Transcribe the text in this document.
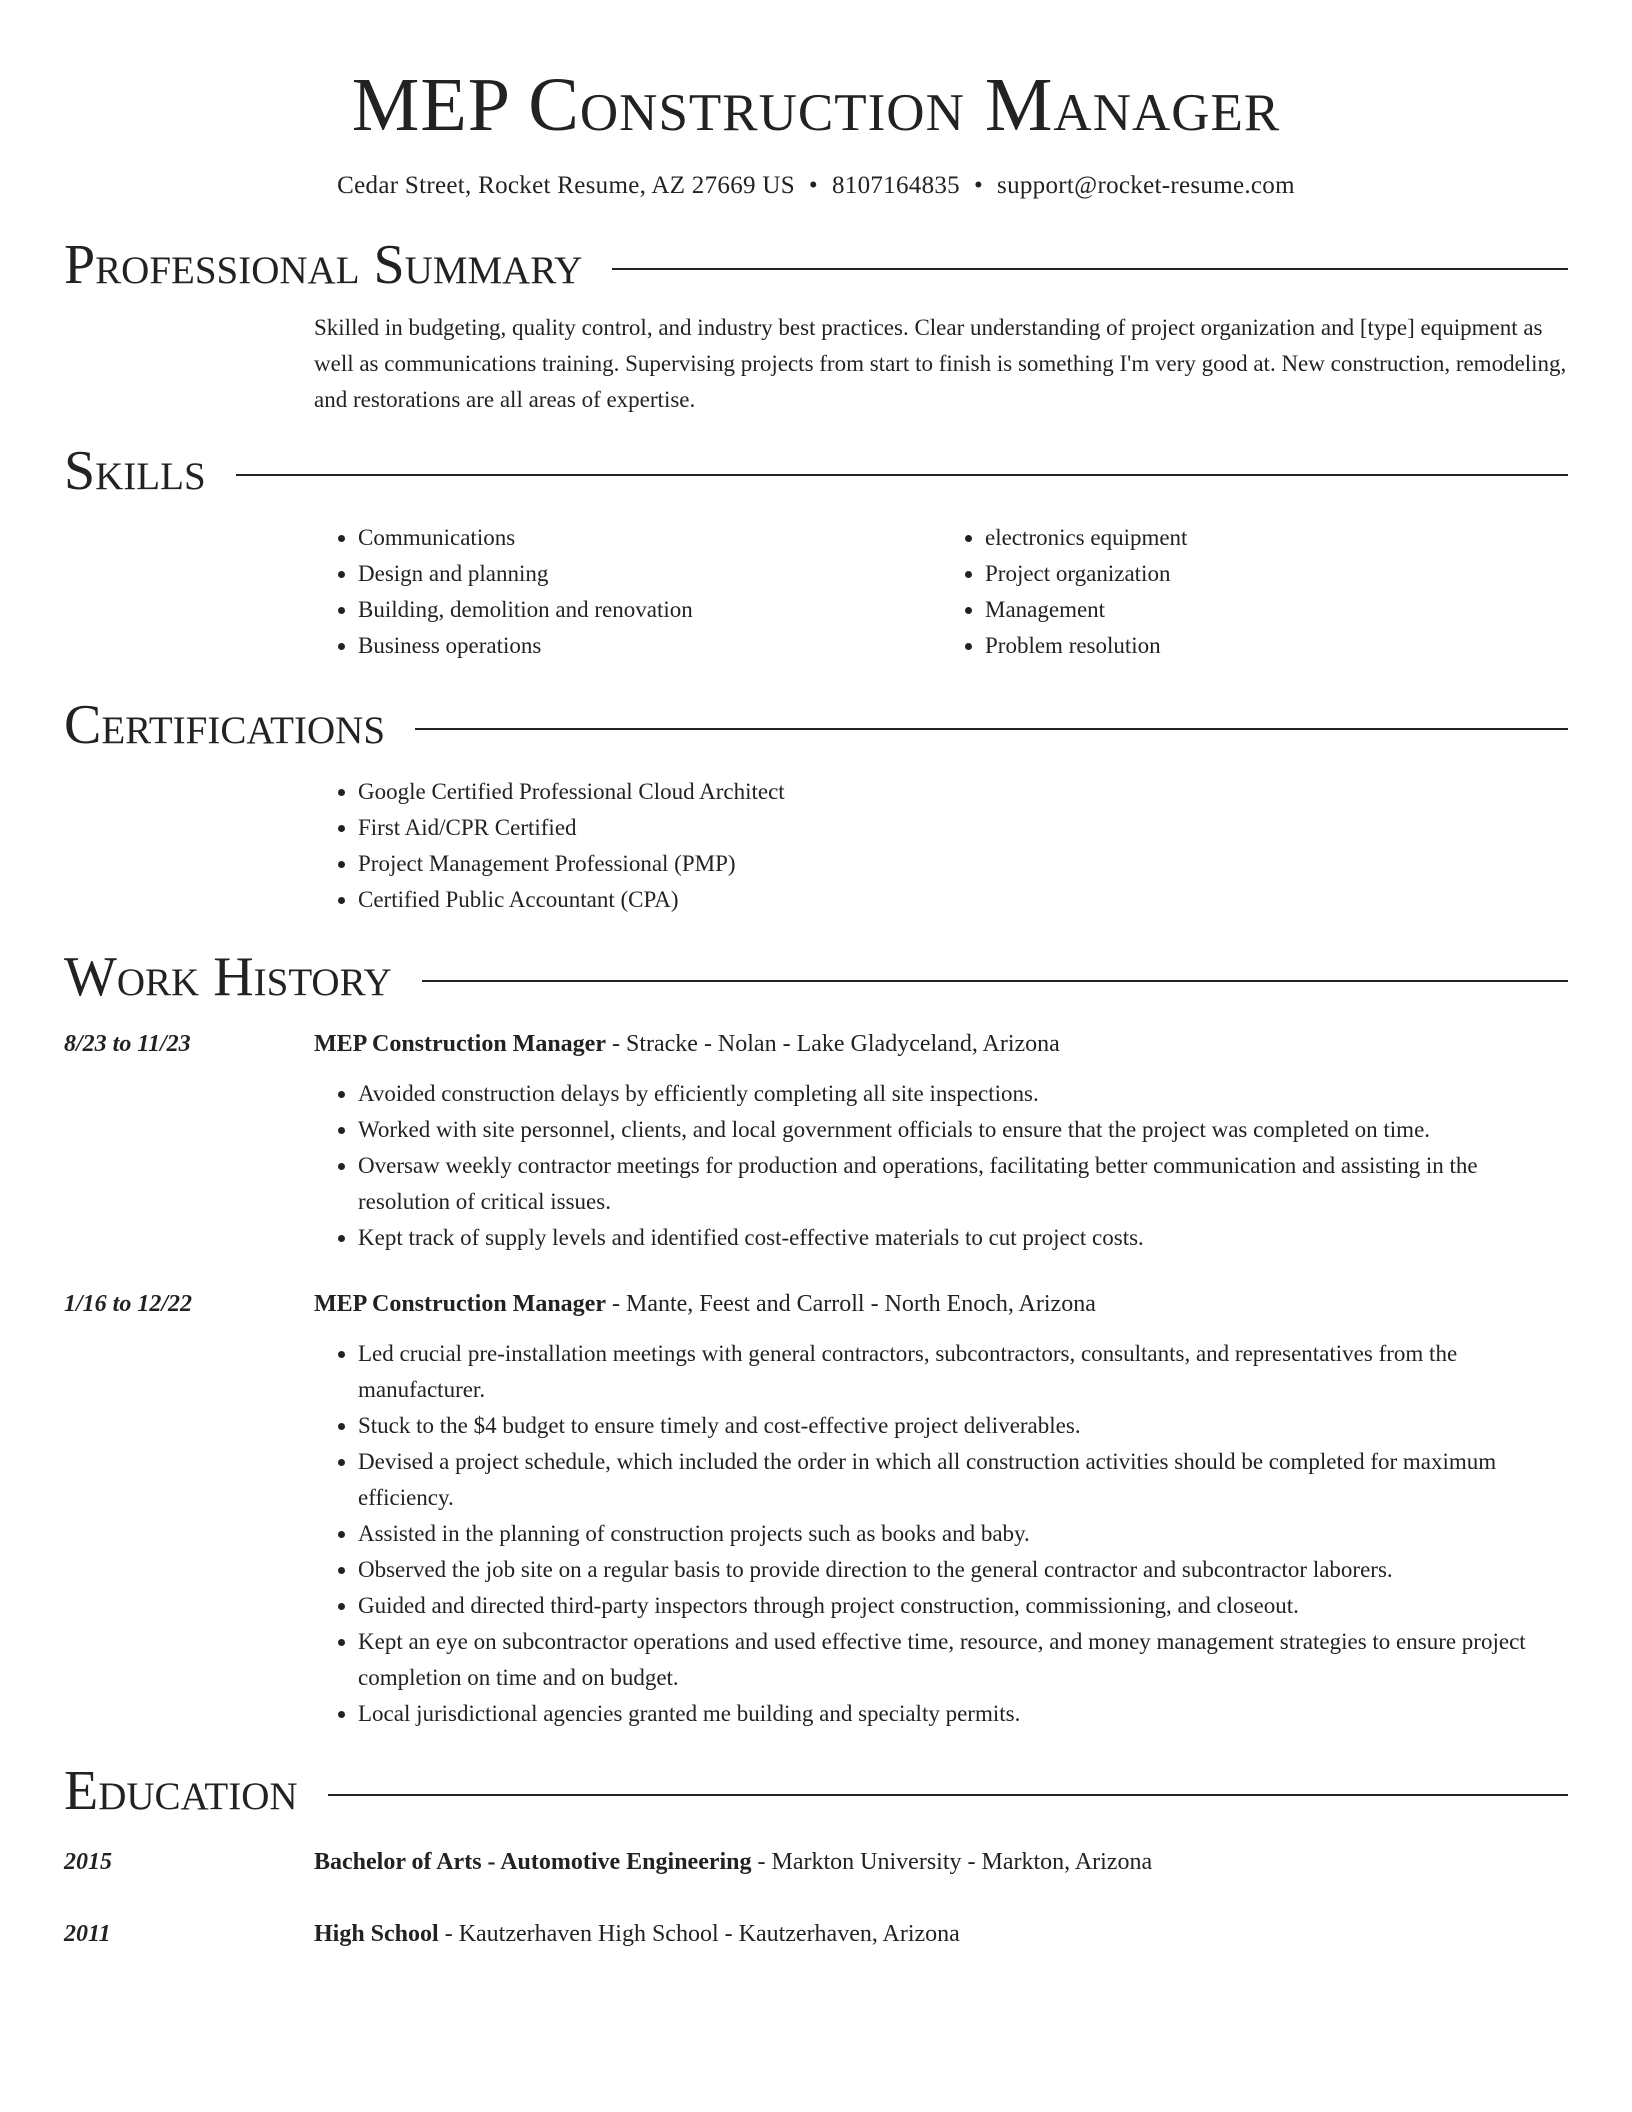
MEP Construction Manager
Cedar Street, Rocket Resume, AZ 27669 US • 8107164835 • support@rocket-resume.com
Professional Summary

Skilled in budgeting, quality control, and industry best practices. Clear understanding of project organization and [type] equipment as well as communications training. Supervising projects from start to finish is something I'm very good at. New construction, remodeling, and restorations are all areas of expertise.

Skills
• Communications
• Design and planning
• Building, demolition and renovation
• Business operations
• electronics equipment
• Project organization
• Management
• Problem resolution
Certifications
• Google Certified Professional Cloud Architect
• First Aid/CPR Certified
• Project Management Professional (PMP)
• Certified Public Accountant (CPA)
Work History
8/23 to 11/23	MEP Construction Manager - Stracke - Nolan - Lake Gladyceland, Arizona
• Avoided construction delays by efficiently completing all site inspections.
• Worked with site personnel, clients, and local government officials to ensure that the project was completed on time.
• Oversaw weekly contractor meetings for production and operations, facilitating better communication and assisting in the resolution of critical issues.
• Kept track of supply levels and identified cost-effective materials to cut project costs.
1/16 to 12/22	MEP Construction Manager - Mante, Feest and Carroll - North Enoch, Arizona
• Led crucial pre-installation meetings with general contractors, subcontractors, consultants, and representatives from the manufacturer.
• Stuck to the $4 budget to ensure timely and cost-effective project deliverables.
• Devised a project schedule, which included the order in which all construction activities should be completed for maximum efficiency.
• Assisted in the planning of construction projects such as books and baby.
• Observed the job site on a regular basis to provide direction to the general contractor and subcontractor laborers.
• Guided and directed third-party inspectors through project construction, commissioning, and closeout.
• Kept an eye on subcontractor operations and used effective time, resource, and money management strategies to ensure project completion on time and on budget.
• Local jurisdictional agencies granted me building and specialty permits.
Education
2015	Bachelor of Arts - Automotive Engineering - Markton University - Markton, Arizona
2011	High School - Kautzerhaven High School - Kautzerhaven, Arizona
